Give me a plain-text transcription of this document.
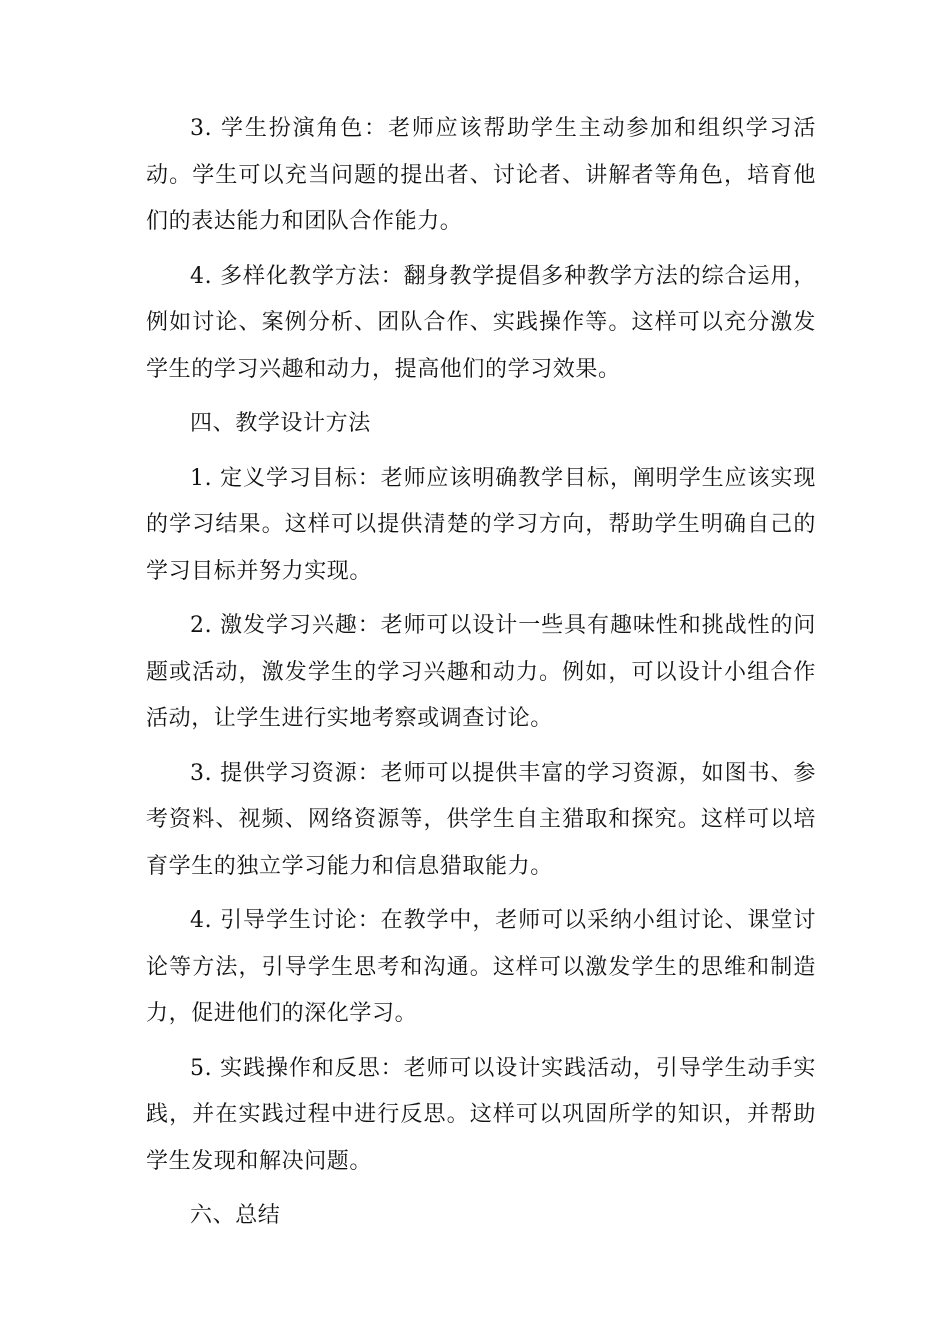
3. 学生扮演角色：老师应该帮助学生主动参加和组织学习活动。学生可以充当问题的提出者、讨论者、讲解者等角色，培育他们的表达能力和团队合作能力。

4. 多样化教学方法：翻身教学提倡多种教学方法的综合运用，例如讨论、案例分析、团队合作、实践操作等。这样可以充分激发学生的学习兴趣和动力，提高他们的学习效果。

四、教学设计方法

1. 定义学习目标：老师应该明确教学目标，阐明学生应该实现的学习结果。这样可以提供清楚的学习方向，帮助学生明确自己的学习目标并努力实现。

2. 激发学习兴趣：老师可以设计一些具有趣味性和挑战性的问题或活动，激发学生的学习兴趣和动力。例如，可以设计小组合作活动，让学生进行实地考察或调查讨论。

3. 提供学习资源：老师可以提供丰富的学习资源，如图书、参考资料、视频、网络资源等，供学生自主猎取和探究。这样可以培育学生的独立学习能力和信息猎取能力。

4. 引导学生讨论：在教学中，老师可以采纳小组讨论、课堂讨论等方法，引导学生思考和沟通。这样可以激发学生的思维和制造力，促进他们的深化学习。

5. 实践操作和反思：老师可以设计实践活动，引导学生动手实践，并在实践过程中进行反思。这样可以巩固所学的知识，并帮助学生发现和解决问题。

六、总结
